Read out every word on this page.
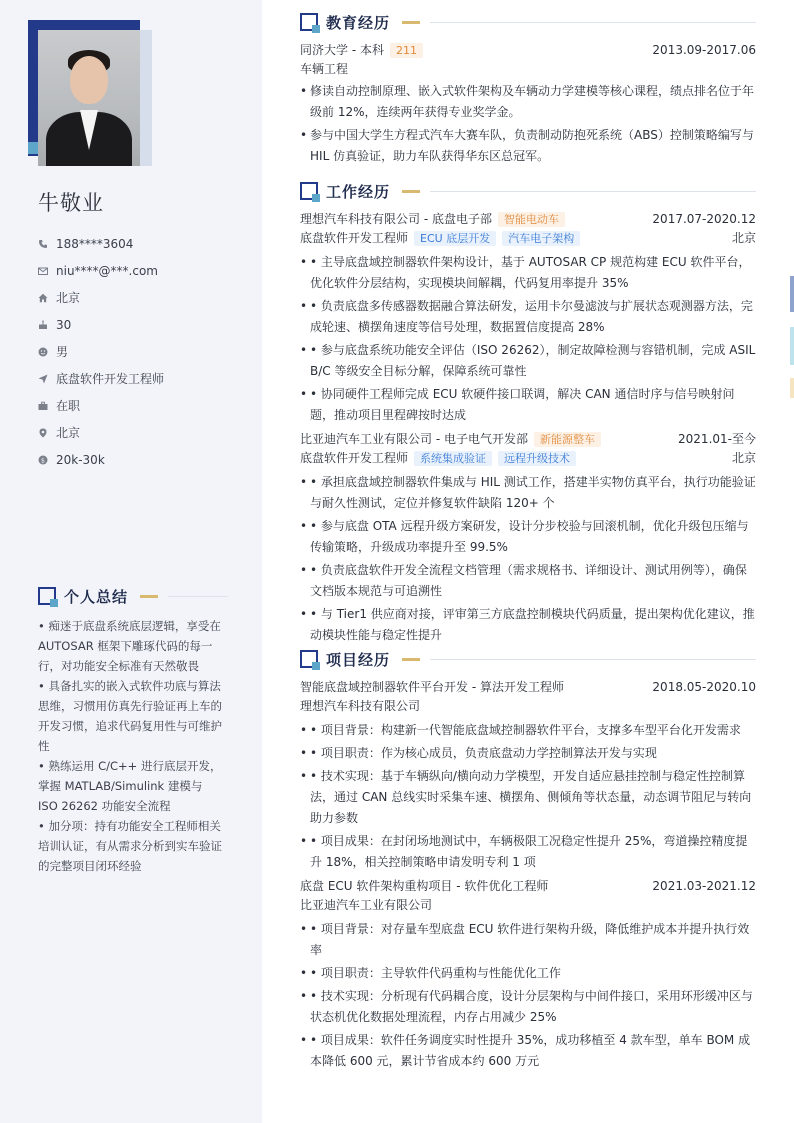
牛敬业
188****3604
niu****@***.com
北京
30
男
底盘软件开发工程师
在职
北京
$ 20k-30k
个人总结

• 痴迷于底盘系统底层逻辑，享受在 AUTOSAR 框架下雕琢代码的每一行，对功能安全标准有天然敬畏

• 具备扎实的嵌入式软件功底与算法思维，习惯用仿真先行验证再上车的开发习惯，追求代码复用性与可维护性

• 熟练运用 C/C++ 进行底层开发，掌握 MATLAB/Simulink 建模与 ISO 26262 功能安全流程

• 加分项：持有功能安全工程师相关培训认证，有从需求分析到实车验证的完整项目闭环经验

教育经历
同济大学 - 本科	211	2013.09-2017.06
车辆工程
• 修读自动控制原理、嵌入式软件架构及车辆动力学建模等核心课程，绩点排名位于年级前 12%，连续两年获得专业奖学金。
• 参与中国大学生方程式汽车大赛车队，负责制动防抱死系统（ABS）控制策略编写与 HIL 仿真验证，助力车队获得华东区总冠军。
工作经历
理想汽车科技有限公司 - 底盘电子部	智能电动车	2017.07-2020.12
底盘软件开发工程师	ECU 底层开发	汽车电子架构	北京
• • 主导底盘域控制器软件架构设计，基于 AUTOSAR CP 规范构建 ECU 软件平台，优化软件分层结构，实现模块间解耦，代码复用率提升 35%
• • 负责底盘多传感器数据融合算法研发，运用卡尔曼滤波与扩展状态观测器方法，完成轮速、横摆角速度等信号处理，数据置信度提高 28%
• • 参与底盘系统功能安全评估（ISO 26262），制定故障检测与容错机制，完成 ASIL B/C 等级安全目标分解，保障系统可靠性
• • 协同硬件工程师完成 ECU 软硬件接口联调，解决 CAN 通信时序与信号映射问题，推动项目里程碑按时达成
比亚迪汽车工业有限公司 - 电子电气开发部	新能源整车	2021.01-至今
底盘软件开发工程师	系统集成验证	远程升级技术	北京
• • 承担底盘域控制器软件集成与 HIL 测试工作，搭建半实物仿真平台，执行功能验证与耐久性测试，定位并修复软件缺陷 120+ 个
• • 参与底盘 OTA 远程升级方案研发，设计分步校验与回滚机制，优化升级包压缩与传输策略，升级成功率提升至 99.5%
• • 负责底盘软件开发全流程文档管理（需求规格书、详细设计、测试用例等），确保文档版本规范与可追溯性
• • 与 Tier1 供应商对接，评审第三方底盘控制模块代码质量，提出架构优化建议，推动模块性能与稳定性提升
项目经历
智能底盘域控制器软件平台开发 - 算法开发工程师	2018.05-2020.10
理想汽车科技有限公司
• • 项目背景：构建新一代智能底盘域控制器软件平台，支撑多车型平台化开发需求
• • 项目职责：作为核心成员，负责底盘动力学控制算法开发与实现
• • 技术实现：基于车辆纵向/横向动力学模型，开发自适应悬挂控制与稳定性控制算法，通过 CAN 总线实时采集车速、横摆角、侧倾角等状态量，动态调节阻尼与转向助力参数
• • 项目成果：在封闭场地测试中，车辆极限工况稳定性提升 25%，弯道操控精度提升 18%，相关控制策略申请发明专利 1 项
底盘 ECU 软件架构重构项目 - 软件优化工程师	2021.03-2021.12
比亚迪汽车工业有限公司
• • 项目背景：对存量车型底盘 ECU 软件进行架构升级，降低维护成本并提升执行效率
• • 项目职责：主导软件代码重构与性能优化工作
• • 技术实现：分析现有代码耦合度，设计分层架构与中间件接口，采用环形缓冲区与状态机优化数据处理流程，内存占用减少 25%
• • 项目成果：软件任务调度实时性提升 35%，成功移植至 4 款车型，单车 BOM 成本降低 600 元，累计节省成本约 600 万元
